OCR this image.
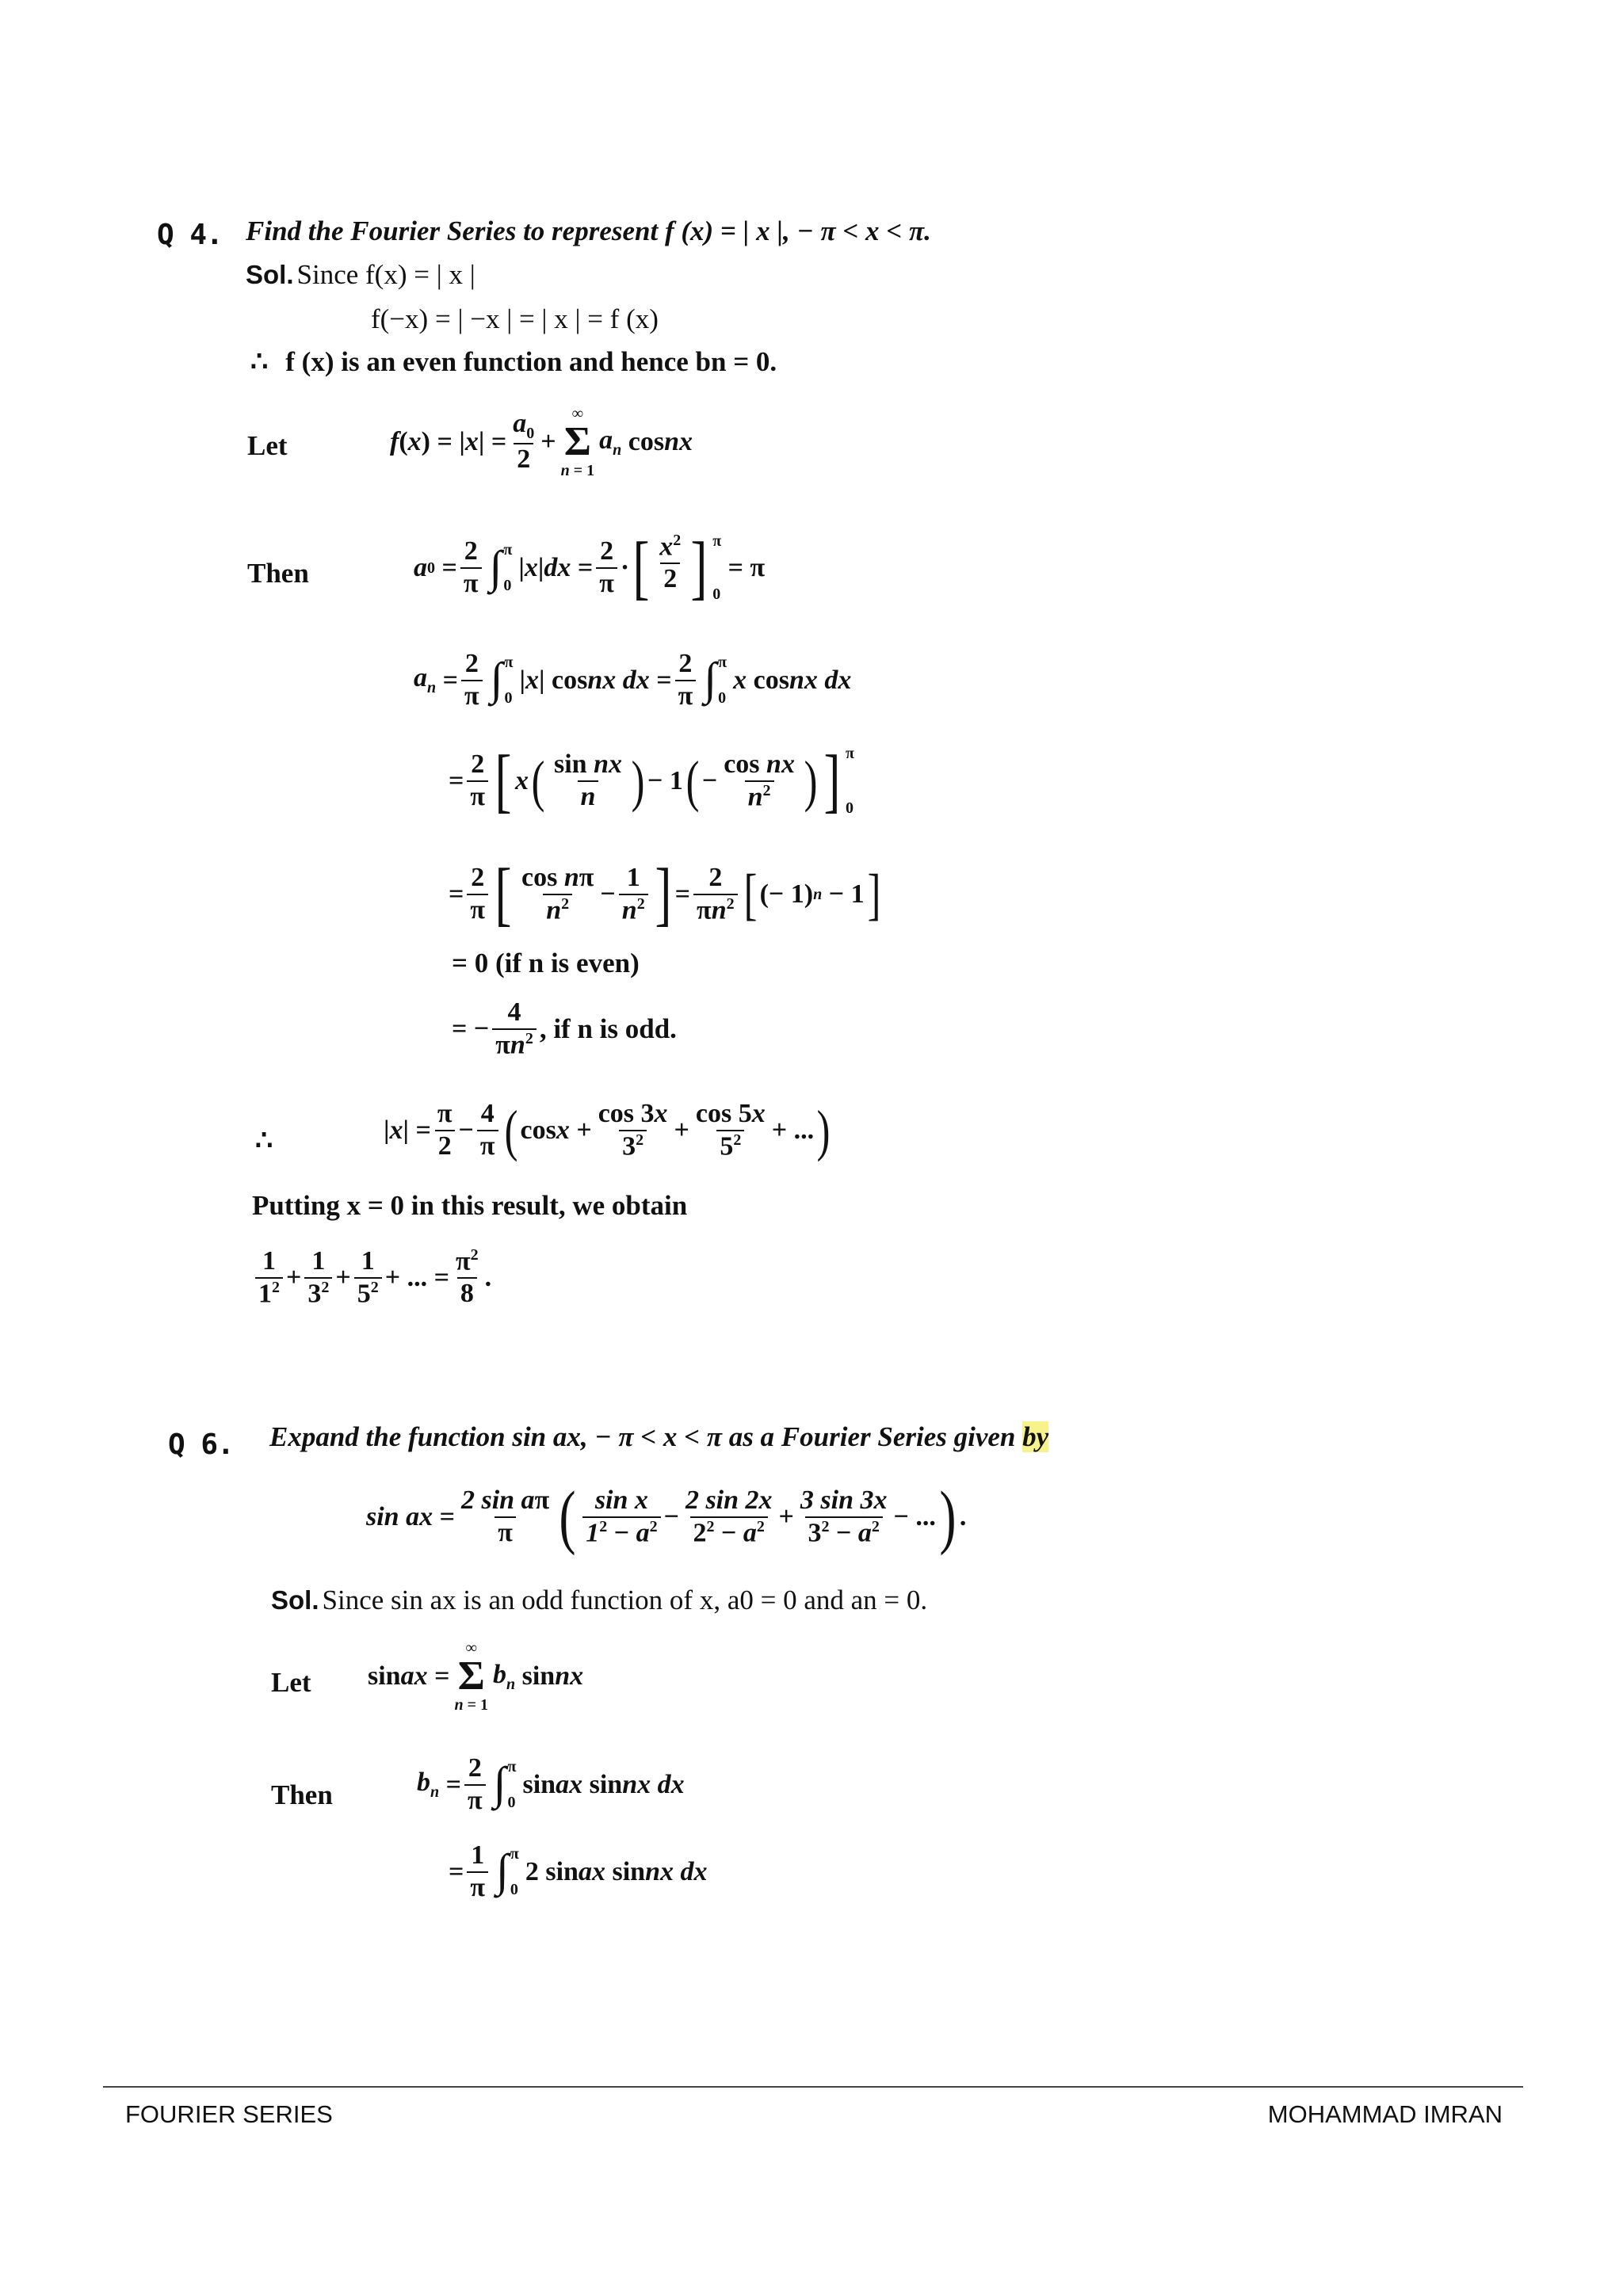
Q 4. Find the Fourier Series to represent f (x) = | x |, − π < x < π.
Sol. Since f(x) = | x |
f(−x) = | −x | = | x | = f (x)
∴ f (x) is an even function and hence bn = 0.
Let	f ( x ) = | x | = $\frac{a_0}{2}$ +
∞
Σ
n = 1
$a_n$ cos nx
Then	a $0 = \frac{2}{\pi}$ ∫ π
0
| x | dx = $\frac{2}{\pi}$ · [ $\frac{x^2}{2}$ ] π
0
= π
$a_n = \frac{2}{\pi}$ ∫ π
0
| x | cos nx dx = $\frac{2}{\pi}$ ∫ π
0
x cos nx dx
= $\frac{2}{\pi}$ [ x ( $\frac{\text{sin nx}}{n}$ ) − 1 ( − $\frac{\text{cos nx}}{n^2}$ ) ] π
0
= $\frac{2}{\pi}$ [ $\frac{\text{cos nπ}}{n^2} - \frac{1}{n^2}$ ] = $\frac{2}{\pi n^2}$ [ (− 1) n − 1 ]
= 0 (if n is even)
= − $\frac{4}{\pi n^2}$ , if n is odd.
∴	| x | = $\frac{\pi}{2} - \frac{4}{\pi}$ ( $\cos x + \frac{\cos 3x}{3^2} + \frac{\cos 5x}{5^2}$ + ... )
Putting x = 0 in this result, we obtain
$\frac{1}{1^2} + \frac{1}{3^2} + \frac{1}{5^2}$ + ... = $\frac{\pi^2}{8}$ .
Q 6. Expand the function sin ax, − π < x < π as a Fourier Series given by
sin ax = $\frac{\text{2 sin aπ}}{\pi}$ ( $\frac{\text{sin x}}{1^2 - a^2} - \frac{2 \sin 2x}{2^2 - a^2} + \frac{3 \sin 3x}{3^2 - a^2}$ − ... ) .
Sol. Since sin ax is an odd function of x, a0 = 0 and an = 0.
Let sin ax =
∞
Σ
n = 1
$b_n$ sin nx
Then	$b_n = \frac{2}{\pi}$ ∫ π
0
sin ax sin nx dx
= $\frac{1}{\pi}$ ∫ π
0
2 sin ax sin nx dx
FOURIER SERIES	MOHAMMAD IMRAN
